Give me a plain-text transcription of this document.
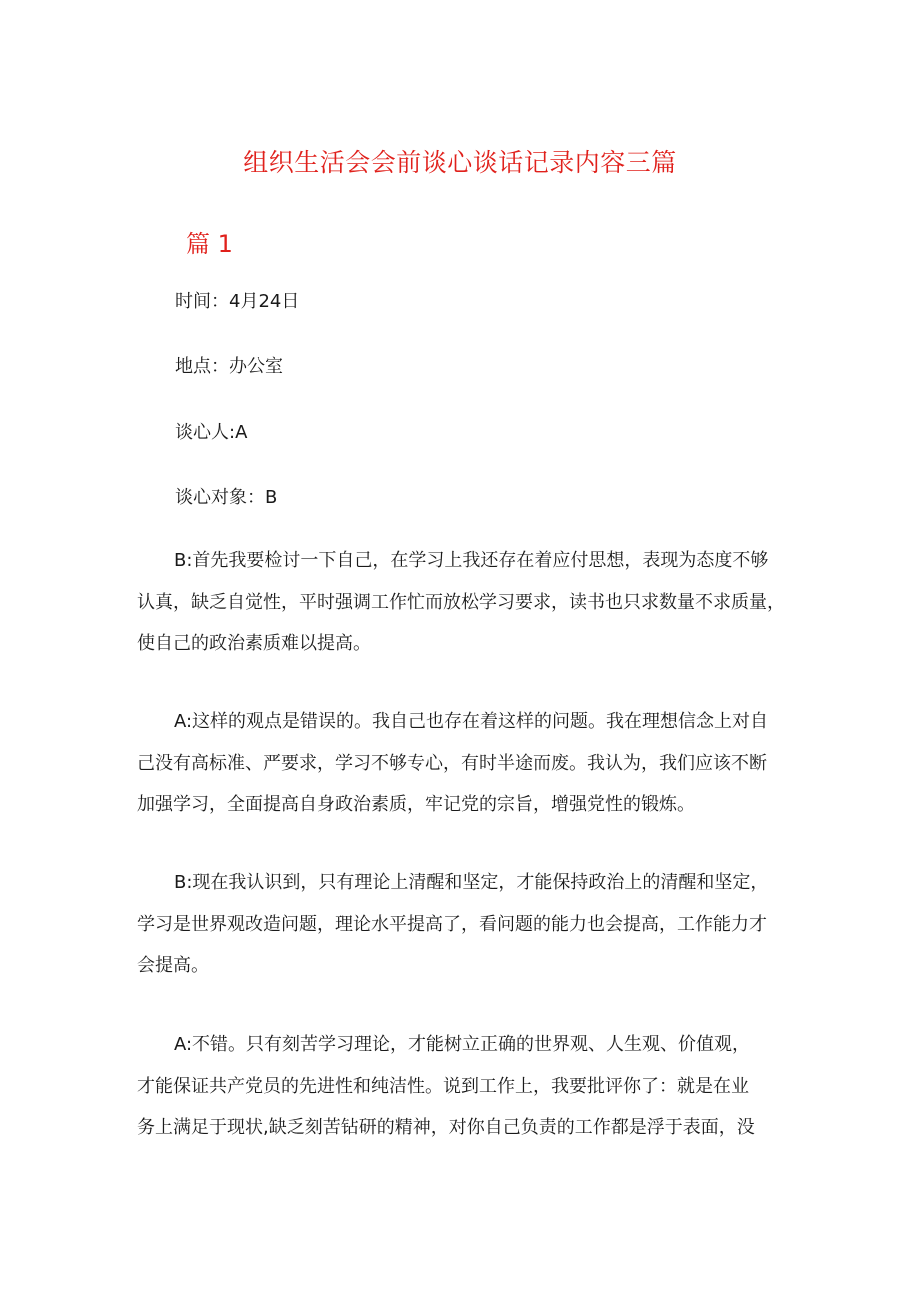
组织生活会会前谈心谈话记录内容三篇
篇 1
时间：4月24日
地点：办公室
谈心人:A
谈心对象：B
B:首先我要检讨一下自己，在学习上我还存在着应付思想，表现为态度不够
认真，缺乏自觉性，平时强调工作忙而放松学习要求，读书也只求数量不求质量，
使自己的政治素质难以提高。
A:这样的观点是错误的。我自己也存在着这样的问题。我在理想信念上对自
己没有高标准、严要求，学习不够专心，有时半途而废。我认为，我们应该不断
加强学习，全面提高自身政治素质，牢记党的宗旨，增强党性的锻炼。
B:现在我认识到，只有理论上清醒和坚定，才能保持政治上的清醒和坚定，
学习是世界观改造问题，理论水平提高了，看问题的能力也会提高，工作能力才
会提高。
A:不错。只有刻苦学习理论，才能树立正确的世界观、人生观、价值观，
才能保证共产党员的先进性和纯洁性。说到工作上，我要批评你了：就是在业
务上满足于现状,缺乏刻苦钻研的精神，对你自己负责的工作都是浮于表面，没
